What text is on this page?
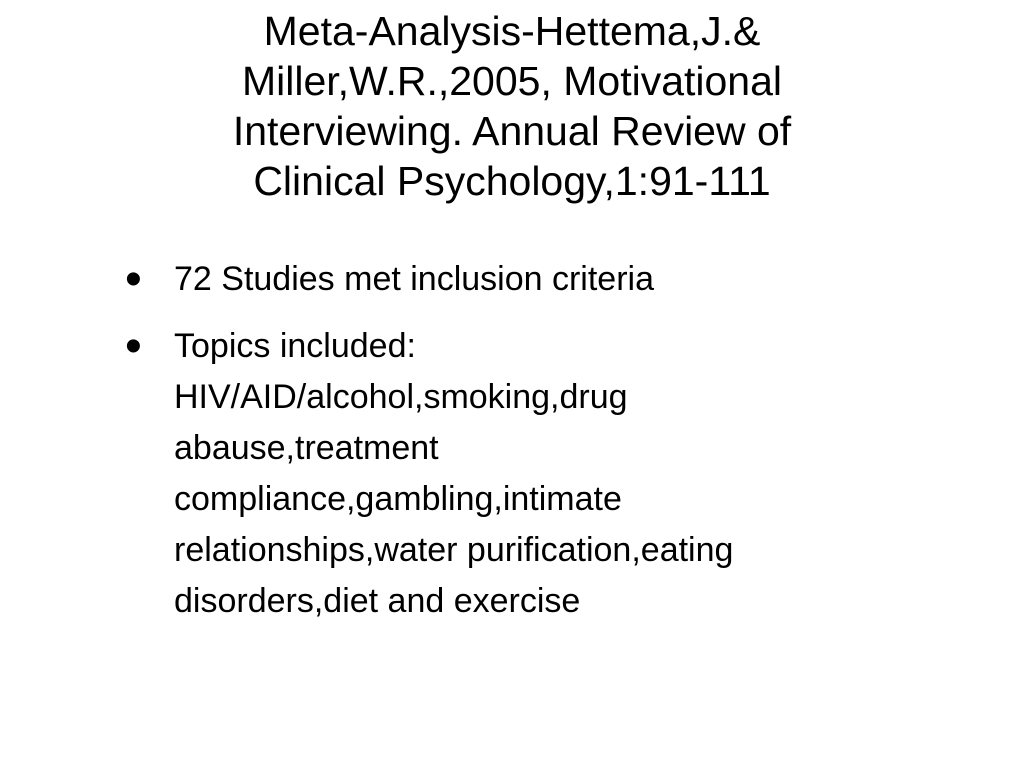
Meta-Analysis-Hettema,J.&
Miller,W.R.,2005, Motivational
Interviewing. Annual Review of
Clinical Psychology,1:91-111
• 72 Studies met inclusion criteria
• Topics included:
HIV/AID/alcohol,smoking,drug
abause,treatment
compliance,gambling,intimate
relationships,water purification,eating
disorders,diet and exercise
